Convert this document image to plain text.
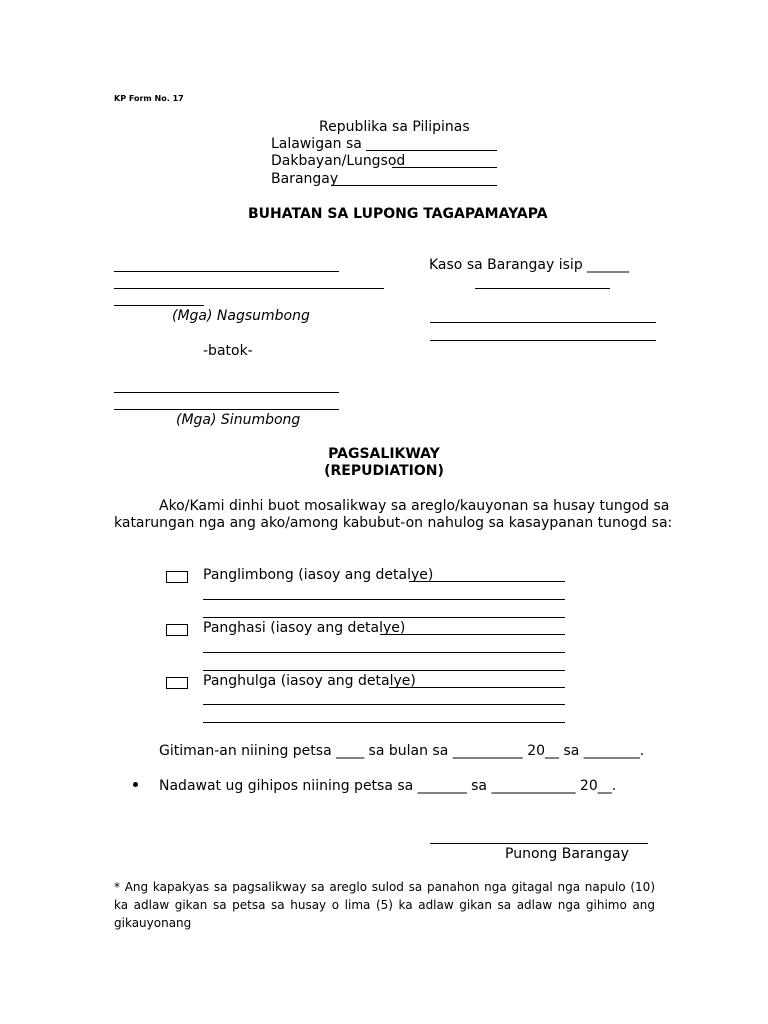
KP Form No. 17
Republika sa Pilipinas
Lalawigan sa
Dakbayan/Lungsod
Barangay
BUHATAN SA LUPONG TAGAPAMAYAPA
(Mga) Nagsumbong
Kaso sa Barangay isip ______
-batok-
(Mga) Sinumbong
PAGSALIKWAY
(REPUDIATION)
Ako/Kami dinhi buot mosalikway sa areglo/kauyonan sa husay tungod sa
katarungan nga ang ako/among kabubut-on nahulog sa kasaypanan tunogd sa:
Panglimbong (iasoy ang detalye)
Panghasi (iasoy ang detalye)
Panghulga (iasoy ang detalye)
Gitiman-an niining petsa ____ sa bulan sa __________ 20__ sa ________.
Nadawat ug gihipos niining petsa sa _______ sa ____________ 20__.
Punong Barangay
* Ang kapakyas sa pagsalikway sa areglo sulod sa panahon nga gitagal nga napulo (10) ka adlaw gikan sa petsa sa husay o lima (5) ka adlaw gikan sa adlaw nga gihimo ang gikauyonang
